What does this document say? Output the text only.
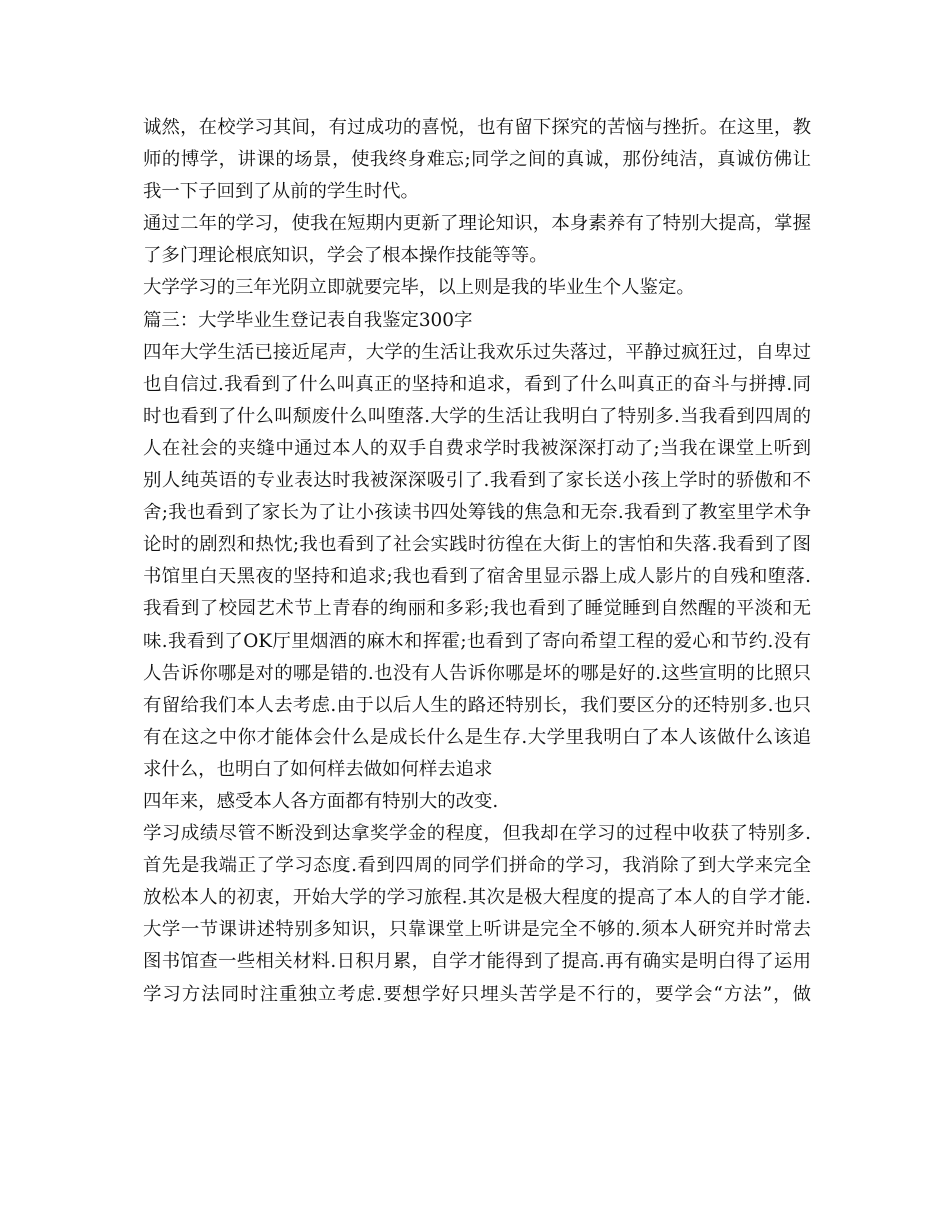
诚然，在校学习其间，有过成功的喜悦，也有留下探究的苦恼与挫折。在这里，教
师的博学，讲课的场景，使我终身难忘;同学之间的真诚，那份纯洁，真诚仿佛让
我一下子回到了从前的学生时代。
通过二年的学习，使我在短期内更新了理论知识，本身素养有了特别大提高，掌握
了多门理论根底知识，学会了根本操作技能等等。
大学学习的三年光阴立即就要完毕，以上则是我的毕业生个人鉴定。
篇三：大学毕业生登记表自我鉴定300字
四年大学生活已接近尾声，大学的生活让我欢乐过失落过，平静过疯狂过，自卑过
也自信过.我看到了什么叫真正的坚持和追求，看到了什么叫真正的奋斗与拼搏.同
时也看到了什么叫颓废什么叫堕落.大学的生活让我明白了特别多.当我看到四周的
人在社会的夹缝中通过本人的双手自费求学时我被深深打动了;当我在课堂上听到
别人纯英语的专业表达时我被深深吸引了.我看到了家长送小孩上学时的骄傲和不
舍;我也看到了家长为了让小孩读书四处筹钱的焦急和无奈.我看到了教室里学术争
论时的剧烈和热忱;我也看到了社会实践时彷徨在大街上的害怕和失落.我看到了图
书馆里白天黑夜的坚持和追求;我也看到了宿舍里显示器上成人影片的自残和堕落.
我看到了校园艺术节上青春的绚丽和多彩;我也看到了睡觉睡到自然醒的平淡和无
味.我看到了OK厅里烟酒的麻木和挥霍;也看到了寄向希望工程的爱心和节约.没有
人告诉你哪是对的哪是错的.也没有人告诉你哪是坏的哪是好的.这些宣明的比照只
有留给我们本人去考虑.由于以后人生的路还特别长，我们要区分的还特别多.也只
有在这之中你才能体会什么是成长什么是生存.大学里我明白了本人该做什么该追
求什么，也明白了如何样去做如何样去追求
四年来，感受本人各方面都有特别大的改变.
学习成绩尽管不断没到达拿奖学金的程度，但我却在学习的过程中收获了特别多.
首先是我端正了学习态度.看到四周的同学们拼命的学习，我消除了到大学来完全
放松本人的初衷，开始大学的学习旅程.其次是极大程度的提高了本人的自学才能.
大学一节课讲述特别多知识，只靠课堂上听讲是完全不够的.须本人研究并时常去
图书馆查一些相关材料.日积月累，自学才能得到了提高.再有确实是明白得了运用
学习方法同时注重独立考虑.要想学好只埋头苦学是不行的，要学会“方法”，做
